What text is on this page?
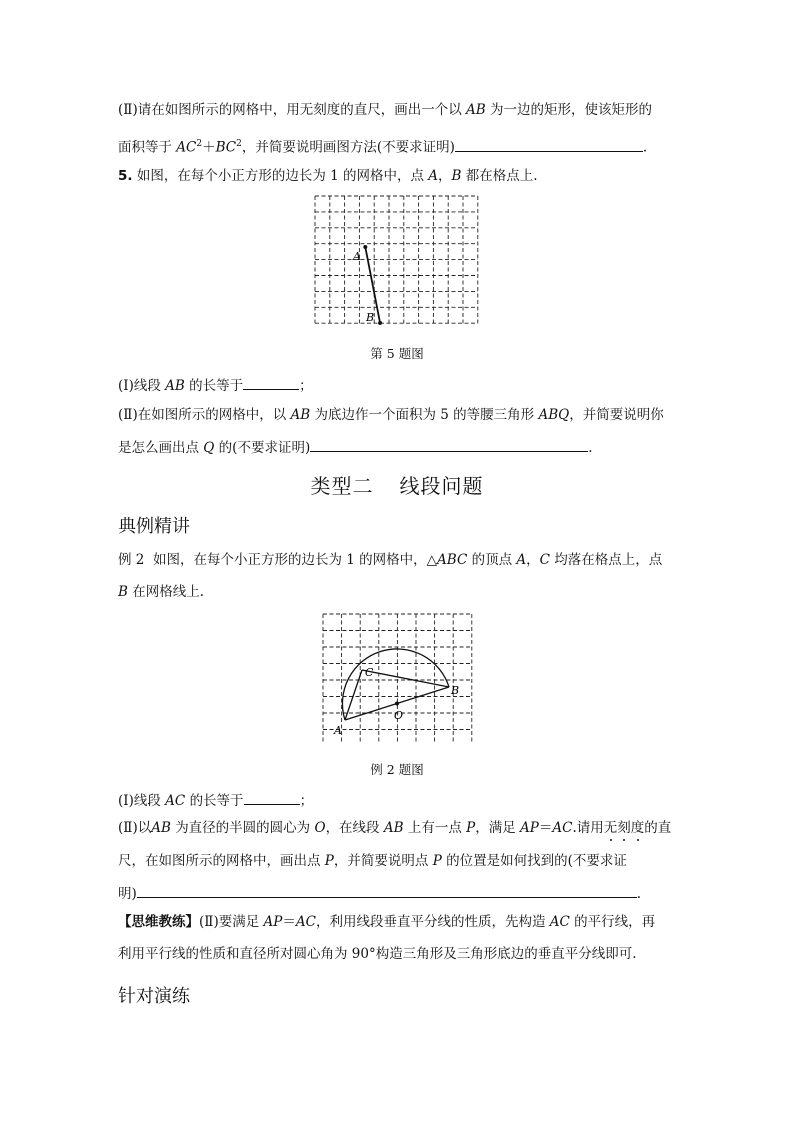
(Ⅱ)请在如图所示的网格中，用无刻度的直尺，画出一个以 AB 为一边的矩形，使该矩形的
面积等于 $AC^2+BC^2$，并简要说明画图方法(不要求证明)	.
5. 如图，在每个小正方形的边长为 1 的网格中，点 A，B 都在格点上.
A
B
第 5 题图
(Ⅰ)线段 AB 的长等于	；
(Ⅱ)在如图所示的网格中，以 AB 为底边作一个面积为 5 的等腰三角形 ABQ，并简要说明你
是怎么画出点 Q 的(不要求证明)	.
类型二 线段问题
典例精讲
例 2 如图，在每个小正方形的边长为 1 的网格中，△ABC 的顶点 A，C 均落在格点上，点
B 在网格线上.
A
B
C
O
例 2 题图
(Ⅰ)线段 AC 的长等于	；
(Ⅱ)以AB 为直径的半圆的圆心为 O，在线段 AB 上有一点 P，满足 AP＝AC.请用无刻度的直
尺，在如图所示的网格中，画出点 P，并简要说明点 P 的位置是如何找到的(不要求证
明)	.
【思维教练】(Ⅱ)要满足 AP＝AC，利用线段垂直平分线的性质，先构造 AC 的平行线，再
利用平行线的性质和直径所对圆心角为 90°构造三角形及三角形底边的垂直平分线即可.
针对演练
